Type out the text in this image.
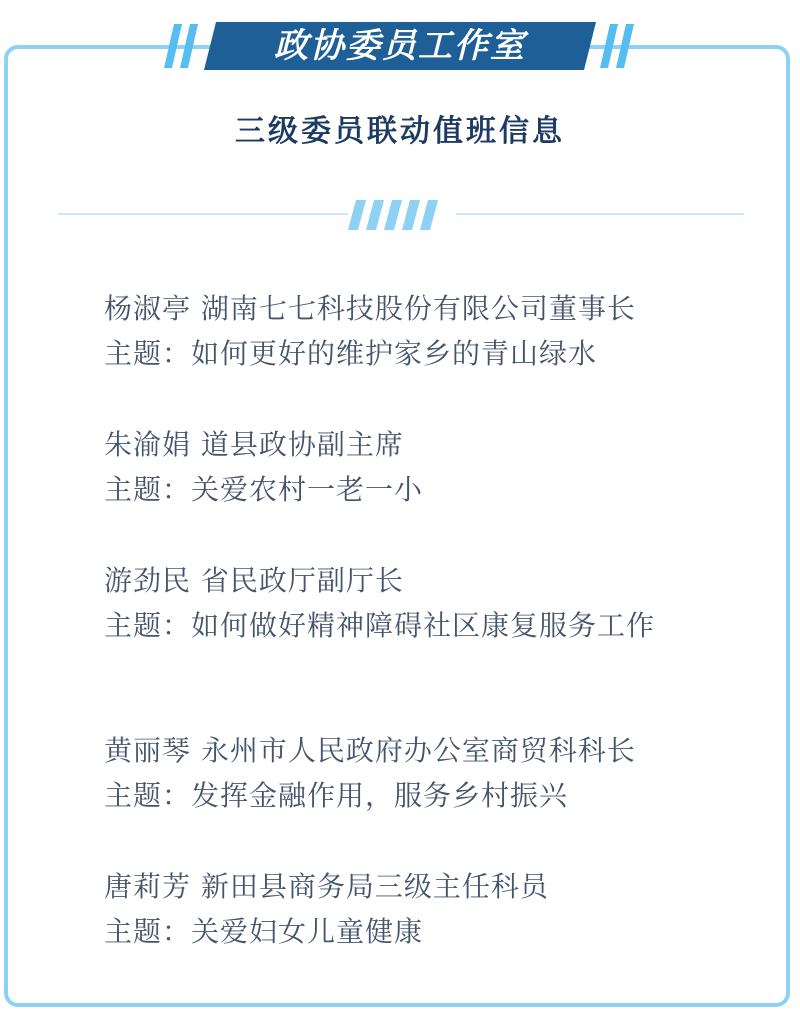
政协委员工作室
三级委员联动值班信息
杨淑亭 湖南七七科技股份有限公司董事长
主题：如何更好的维护家乡的青山绿水
朱渝娟 道县政协副主席
主题：关爱农村一老一小
游劲民 省民政厅副厅长
主题：如何做好精神障碍社区康复服务工作
黄丽琴 永州市人民政府办公室商贸科科长
主题：发挥金融作用，服务乡村振兴
唐莉芳 新田县商务局三级主任科员
主题：关爱妇女儿童健康
